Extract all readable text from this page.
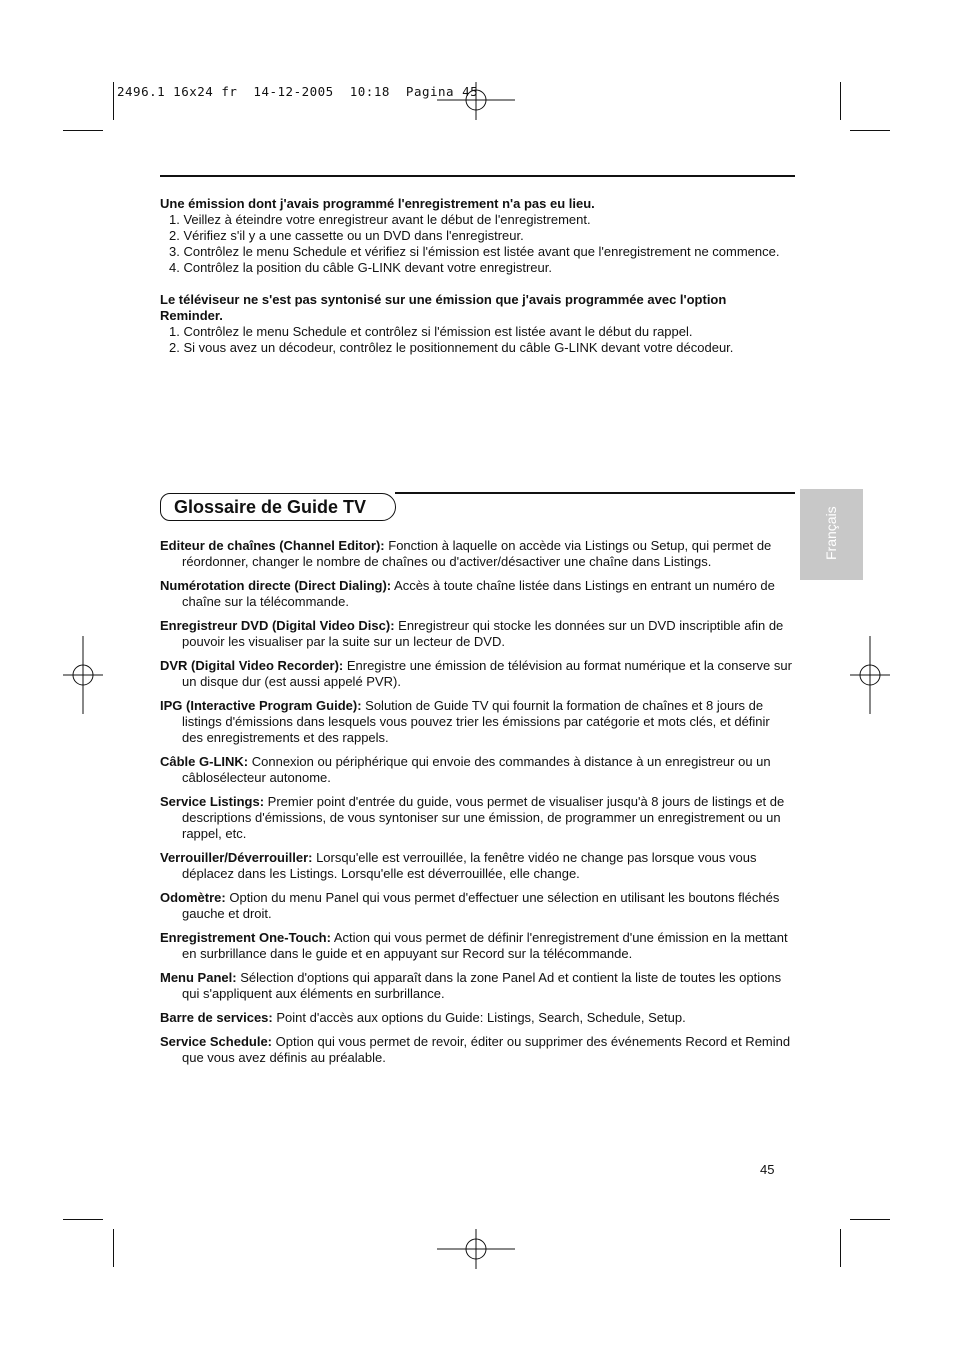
2496.1 16x24 fr  14-12-2005  10:18  Pagina 45
Une émission dont j'avais programmé l'enregistrement n'a pas eu lieu.
1. Veillez à éteindre votre enregistreur avant le début de l'enregistrement.
2. Vérifiez s'il y a une cassette ou un DVD dans l'enregistreur.
3. Contrôlez le menu Schedule et vérifiez si l'émission est listée avant que l'enregistrement ne commence.
4. Contrôlez la position du câble G-LINK devant votre enregistreur.
Le téléviseur ne s'est pas syntonisé sur une émission que j'avais programmée avec l'option Reminder.
1. Contrôlez le menu Schedule et contrôlez si l'émission est listée avant le début du rappel.
2. Si vous avez un décodeur, contrôlez le positionnement du câble G-LINK devant votre décodeur.
Glossaire de Guide TV	Français
Editeur de chaînes (Channel Editor): Fonction à laquelle on accède via Listings ou Setup, qui permet de réordonner, changer le nombre de chaînes ou d'activer/désactiver une chaîne dans Listings.
Numérotation directe (Direct Dialing): Accès à toute chaîne listée dans Listings en entrant un numéro de chaîne sur la télécommande.
Enregistreur DVD (Digital Video Disc): Enregistreur qui stocke les données sur un DVD inscriptible afin de pouvoir les visualiser par la suite sur un lecteur de DVD.
DVR (Digital Video Recorder): Enregistre une émission de télévision au format numérique et la conserve sur un disque dur (est aussi appelé PVR).
IPG (Interactive Program Guide): Solution de Guide TV qui fournit la formation de chaînes et 8 jours de listings d'émissions dans lesquels vous pouvez trier les émissions par catégorie et mots clés, et définir des enregistrements et des rappels.
Câble G-LINK: Connexion ou périphérique qui envoie des commandes à distance à un enregistreur ou un câblosélecteur autonome.
Service Listings: Premier point d'entrée du guide, vous permet de visualiser jusqu'à 8 jours de listings et de descriptions d'émissions, de vous syntoniser sur une émission, de programmer un enregistrement ou un rappel, etc.
Verrouiller/Déverrouiller: Lorsqu'elle est verrouillée, la fenêtre vidéo ne change pas lorsque vous vous déplacez dans les Listings. Lorsqu'elle est déverrouillée, elle change.
Odomètre: Option du menu Panel qui vous permet d'effectuer une sélection en utilisant les boutons fléchés gauche et droit.
Enregistrement One-Touch: Action qui vous permet de définir l'enregistrement d'une émission en la mettant en surbrillance dans le guide et en appuyant sur Record sur la télécommande.
Menu Panel: Sélection d'options qui apparaît dans la zone Panel Ad et contient la liste de toutes les options qui s'appliquent aux éléments en surbrillance.
Barre de services: Point d'accès aux options du Guide: Listings, Search, Schedule, Setup.
Service Schedule: Option qui vous permet de revoir, éditer ou supprimer des événements Record et Remind que vous avez définis au préalable.
45
